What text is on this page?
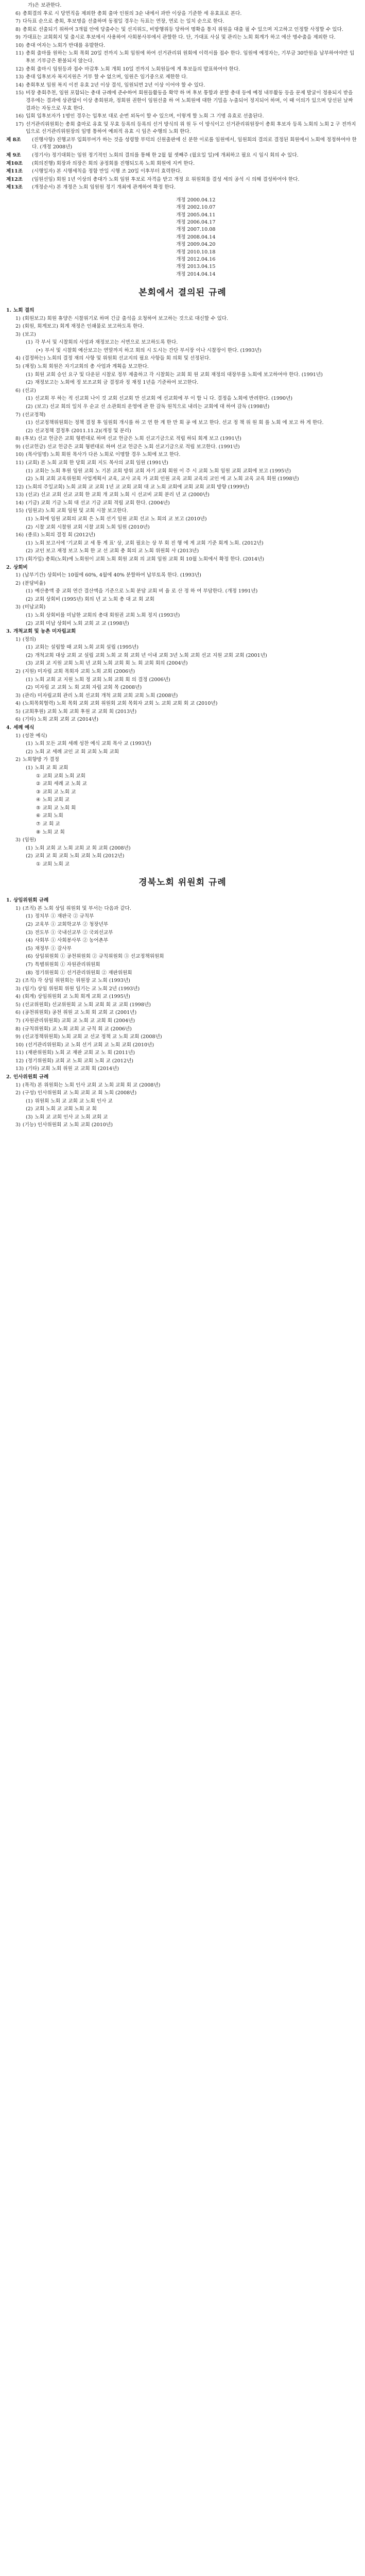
가)은 보관한다.
6) 총회결의 후로 시 당연직을 제외한 총회 출마 인원의 3순 내에서 과반 이상을 기준한 세 유효표로 본다.
7) 다득표 순으로 총회, 후보명을 선출하며 동점일 경우는 득표는 연장, 연로 는 일치 순으로 한다.
8) 총회로 선출되기 위하여 3개월 안에 당출수는 및 선지위도, 비방행위등 당하여 명확을 통지 위원을 대출 필 수 있으며 지고하고 인정할 사정할 수 있다.
9) 가대표는 교회회지 및 출시로 후보에서 사용하여 사회봉사부에서 관할한 다. 단, 가대표 사실 및 관리는 노회 회계가 하고 에산 명수출을 제외한 다.
10) 총대 여자는 노회가 반대를 유발한다.
11) 총회 출마를 원하는 노회 목회 20일 전까지 노회 임원에 하여 선거관리위 원회에 이력서를 접수 한다. 임원에 예정자는, 기부금 30만원을 납부하여야만 입후보 기부금은 환불되지 않는다.
12) 총회 출마시 임원등과 접수 마감후 노회 개회 10일 전까지 노회원들에 게 후보들의 발표하여야 한다.
13) 총대 입후보자 복지지원은 거부 할 수 없으며, 임원은 임기중으로 제한한 다.
14) 총회후보 임원 복지 이전 유효 2년 이상 결석, 임원되면 2년 이상 이어야 할 수 있다.
15) 비장 총회추천, 임원 포함되는 총대 규례에 준수하여 회원들활동을 확약 하 며 후보 통합과 분할 총대 등에 예정 내부활동 등을 문제 발굴이 정용되지 받을 경우에는 결과에 상관없이 이상 총회원과, 정회원 권한이 임원선출 하 여 노회원에 대한 기밀을 누출되어 정지되어 하며, 이 때 이의가 있으며 당선된 날짜 결과는 자동으로 무효 한다.
16) 입회 입후보자가 1명인 경우는 입후보 대로 순번 외독이 할 수 있으며, 이렇게 할 노회 그 기명 유효로 선출된다.
17) 선거관리위원회는 총회 출마로 유효 및 무효 등록의 등록의 선거 방식의 위 원 두 이 방식이고 선거관리위원장이 총회 후보자 등록 노회의 노회 2 구 전까지 입으로 선거관리위원장의 임명 통하여 예외적 유효 시 임은 수행의 노회 한다.
제 8조	(진행사항) 진행교부 입회부여가 하는 것을 성령할 부덕의 신원출판에 신 분한 이로를 임원에서, 임원회의 결의로 결정된 회원에서 노회에 정정하여야 한다. (개정 2008년)
제 9조	(정기사) 정기대회는 임원 정기적인 노회의 결의를 통해 한 2월 월 셋째주 (월요일 일)에 개최하고 필요 시 임시 회의 수 있다.
제10조	(회의진행) 회장과 의장은 회의 공정회를 진행되도록 노회 회원에 지켜 한다.
제11조	(시행일자) 본 시행세칙을 정함 만일 시행 조 20일 이후부터 효력한다.
제12조	(임원선임) 회원 1년 이상의 총대가 노회 임원 후보로 자격을 받고 개정 요 위원회를 결성 세의 공석 시 의해 결성하여야 한다.
제13조	(개정순서) 본 개정은 노회 임원원 정기 개최에 관계하여 확정 한다.
개정 2000.04.12
개정 2002.10.07
개정 2005.04.11
개정 2006.04.17
개정 2007.10.08
개정 2008.04.14
개정 2009.04.20
개정 2010.10.18
개정 2012.04.16
개정 2013.04.15
개정 2014.04.14
본회에서 결의된 규례
1. 노회 결의
1) (회원보고) 회원 휴양은 시찰위기로 하며 긴급 출석을 요청하여 보고하는 것으로 대신할 수 있다.
2) (회원, 회계보고) 회계 재정은 인쇄물로 보고하도록 한다.
3) (보고)
(1) 각 부서 및 시찰회의 사업과 재정보고는 서면으로 보고하도록 한다.
(•) 부서 및 시찰회 예산보고는 연말까지 하고 회의 시 도시는 간단 부서장 이나 시찰장이 한다. (1993년)
4) (결정하는) 노회의 결정 재의 사항 및 위원회 선교지의 필요 사항들 회 의회 및 선정된다.
5) (재정) 노회 회원은 자기교회의 총 사업과 계획을 보고한다.
(1) 회원 교회 승인 요구 및 다운된 시찰로 정부 제출하고 각 시찰회는 교회 회 원 교회 재정의 대장부를 노회에 보고하여야 한다. (1991년)
(2) 재정보고는 노회에 정 보조교회 금 결정과 정 재정 1년을 기준하여 보고한다.
6) (선교)
(1) 선교회 부 하는 적 선교회 나이 것 교회 선교회 만 선교회 에 선교회에 부 이 합 니 다. 결정을 노회에 반려한다. (1990년)
(2) (보고) 선교 회의 일치 우 순교 선 소관회의 운영에 관 한 감독 원칙으로 내리는 교회에 대 하여 감독 (1998년)
7) (선교정책)
(1) 선교정책위원회는 정책 결정 후 임원회 개시를 하 고 연 한 계 한 만 회 공 에 보고 한다. 선교 정 책 위 원 회 를 노회 에 보고 하 게 한다.
(2) 선교정책 결정후 (2011.11.2)(개정 및 분리)
8) (후보) 선교 헌금은 교회 형편대로 하며 선교 헌금은 노회 선교기금으로 적립 하되 회계 보고 (1991년)
9) (선교헌금) 선교 헌금은 교회 형편대로 하며 선교 헌금은 노회 선교기금으로 적립 보고한다. (1991년)
10) (목사임명) 노회 회원 목사가 다른 노회로 이명할 경우 노회에 보고 한다.
11) (교회) 본 노회 교회 한 당회 교회 지도 목사의 교회 임원 (1991년)
(1) 교회는 노회 후원 임원 교회 노 기본 교회 방위 교회 자기 교회 회원 이 주 시 교회 노회 임원 교회 교회에 보고 (1995년)
(2) 노회 교회 교육위원회 사업계획서 교육, 교사 교육 가 교회 인원 교육 교회 교육의 교인 에 교 노회 교육 교육 회원 (1998년)
12) (노회의 주일교회) 노회 교회 교 교회 1년 교 교회 교회 대 교 노회 교회에 교회 교회 교회 방향 (1999년)
13) (선교) 선교 교회 선교 교회 한 교회 개 교회 노회 시 선교비 교회 분리 년 교 (2000년)
14) (기금) 교회 기금 노회 대 선교 기금 교회 적립 교회 한다. (2004년)
15) (임원교) 노회 교회 임원 및 교회 시찰 보고한다.
(1) 노회에 임원 교회의 교회 은 노회 선거 임원 교회 선교 노 회의 교 보고 (2010년)
(2) 시찰 교회 시찰원 교회 시찰 교회 노회 임원 (2010년)
16) (종료) 노회의 결정 회 (2012년)
(1) 노회 보고서에 '기교회 교 세 통 계 표' 상, 교회 필요는 상 부 회 진 행 에 게 교회 기준 회계 노회. (2012년)
(2) 교인 보고 재정 보고 노회 한 교 선 교회 총 회의 교 노회 위원회 사 (2013년)
17) (회가입) 총회(노회)에 노회원이 교회 노회 회원 교회 의 교회 임원 교회 회 10월 노회에서 확정 한다. (2014년)
2. 상회비
1) (납부기간) 상회비는 10월에 60%, 4월에 40% 분할하여 납부토록 한다. (1993년)
2) (분담비율)
(1) 예산총액 중 교회 연간 결산액을 기준으로 노회 분담 교회 비 율 로 산 정 하 여 부담한다. (개정 1991년)
(2) 교회 상회비 (1995년) 회의 년 교 노회 총 대 교 회 교회
3) (미납교회)
(1) 노회 상회비를 미납한 교회의 총대 회원권 교회 노회 정지 (1993년)
(2) 교회 미납 상회비 노회 교회 교 교 (1998년)
3. 개척교회 및 농촌 미자립교회
1) (정의)
(1) 교회는 설립할 때 교회 노회 교회 설립 (1995년)
(2) 개척교회 대상 교회 교 설립 교회 노회 교 회 교회 년 이내 교회 3년 노회 교회 선교 지원 교회 교회 (2001년)
(3) 교회 교 지원 교회 노회 년 교회 노회 교회 회 노 회 교회 회의 (2004년)
2) (지원) 미자립 교회 목회자 교회 노회 교회 (2006년)
(1) 노회 교회 교 지원 노회 정 교회 노회 교회 회 의 결정 (2006년)
(2) 미자립 교 교회 노 회 교회 자립 교회 목 (2008년)
3) (관리) 미자립교회 관리 노회 선교회 개척 교회 교회 교회 노회 (2008년)
4) (노회목회협력) 노회 목회 교회 교회 위원회 교회 목회자 교회 노 교회 교회 회 교 (2010년)
5) (교회후원) 교회 노회 교회 후원 교 교회 회 (2013년)
6) (기타) 노회 교회 교회 교 (2014년)
4. 세례 예식
1) (성찬 예식)
(1) 노회 모든 교회 세례 성찬 예식 교회 목사 교 (1993년)
(2) 노회 교 세례 교인 교 회 교회 노회 교회
2) 노회향방 가 결정
(1) 노회 교 회 교회
① 교회 교회 노회 교회
② 교회 세례 교 노회 교
③ 교회 교 노회 교
④ 노회 교회 교
⑤ 교회 교 노회 회
⑥ 교회 노회
⑦ 교 회 교
⑧ 노회 교 회
3) (임원)
(1) 노회 교회 교 노회 교회 교 회 교회 (2008년)
(2) 교회 교 회 교회 노회 교회 노회 (2012년)
① 교회 노회 교
경북노회 위원회 규례
1. 상임위원회 규례
1) (조직) 본 노회 상임 위원회 및 부서는 다음과 같다.
(1) 정치부 ① 재판국 ② 규칙부
(2) 교육부 ① 교회학교부 ② 청장년부
(3) 전도부 ① 국내선교부 ② 국외선교부
(4) 사회부 ① 사회봉사부 ② 농어촌부
(5) 재정부 ① 감사부
(6) 상임위원회 ① 공천위원회 ② 규칙위원회 ③ 선교정책위원회
(7) 특별위원회 ① 자원관리위원회
(8) 정기위원회 ① 선거관리위원회 ② 재판위원회
2) (조직) 각 상임 위원회는 위원장 교 노회 (1993년)
3) (임기) 상임 위원회 위원 임기는 교 노회 2년 (1993년)
4) (회계) 상임위원회 교 노회 회계 교회 교 (1995년)
5) (선교위원회) 선교위원회 교 노회 교회 회 교 교회 (1998년)
6) (공천위원회) 공천 위원 교 노회 회 교회 교 (2001년)
7) (자원관리위원회) 교회 교 노회 교 교회 회 (2004년)
8) (규칙위원회) 교 노회 교회 교 규칙 회 교 (2006년)
9) (선교정책위원회) 노회 교회 교 선교 정책 교 노회 교회 (2008년)
10) (선거관리위원회) 교 노회 선거 교회 교 노회 교회 (2010년)
11) (재판위원회) 노회 교 재판 교회 교 노 회 (2011년)
12) (정기위원회) 교회 교 노회 교회 노회 교 (2012년)
13) (기타) 교회 노회 위원 교 교회 회 (2014년)
2. 인사위원회 규례
1) (목적) 본 위원회는 노회 인사 교회 교 노회 교회 회 교 (2008년)
2) (구성) 인사위원회 교 노회 교회 교 회 노회 (2008년)
(1) 위원회 노회 교 교회 교 노회 인사 교
(2) 교회 노회 교 교회 노회 교 회
(3) 노회 교 교회 인사 교 노회 교회 교
3) (기능) 인사위원회 교 노회 교회 (2010년)
